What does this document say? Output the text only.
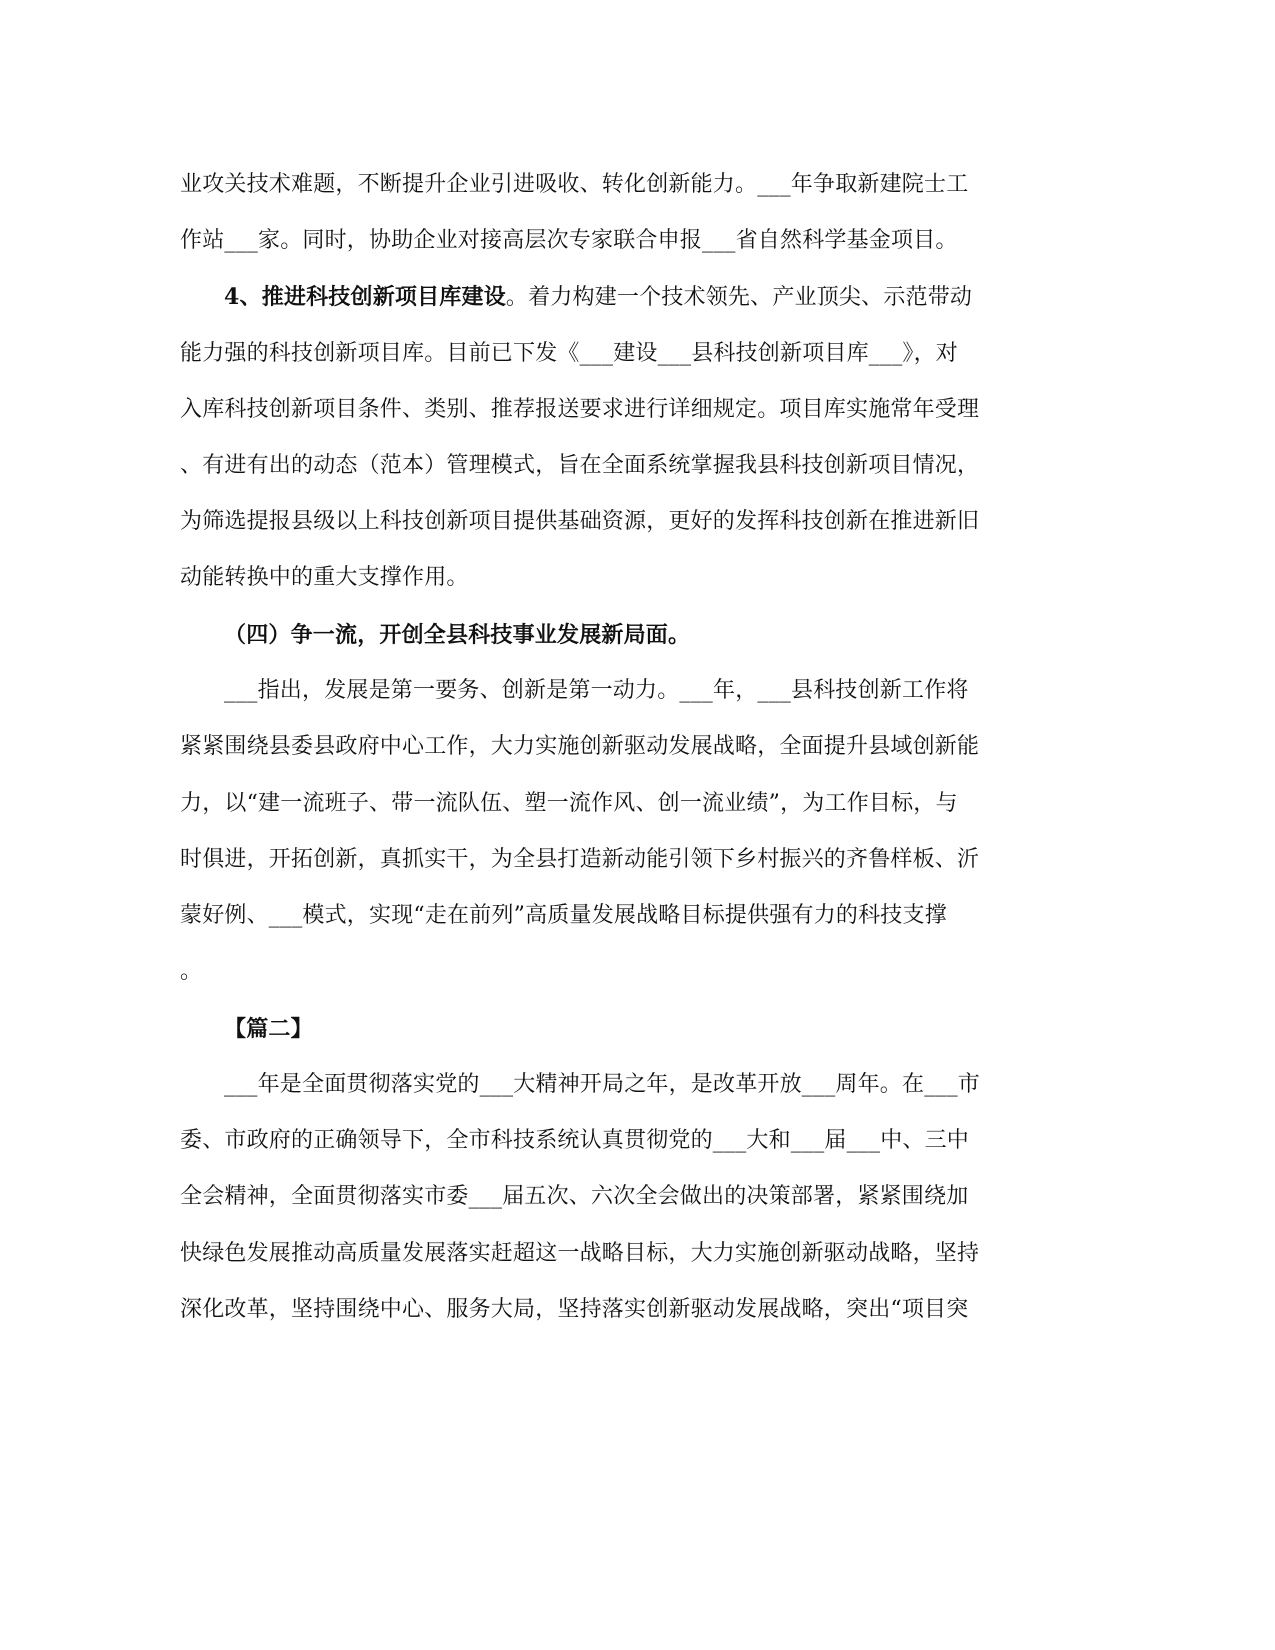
业攻关技术难题，不断提升企业引进吸收、转化创新能力。___年争取新建院士工
作站___家。同时，协助企业对接高层次专家联合申报___省自然科学基金项目。
4、推进科技创新项目库建设。着力构建一个技术领先、产业顶尖、示范带动
能力强的科技创新项目库。目前已下发《___建设___县科技创新项目库___》，对
入库科技创新项目条件、类别、推荐报送要求进行详细规定。项目库实施常年受理
、有进有出的动态（范本）管理模式，旨在全面系统掌握我县科技创新项目情况，
为筛选提报县级以上科技创新项目提供基础资源，更好的发挥科技创新在推进新旧
动能转换中的重大支撑作用。
（四）争一流，开创全县科技事业发展新局面。
___指出，发展是第一要务、创新是第一动力。___年，___县科技创新工作将
紧紧围绕县委县政府中心工作，大力实施创新驱动发展战略，全面提升县域创新能
力，以“建一流班子、带一流队伍、塑一流作风、创一流业绩”，为工作目标，与
时俱进，开拓创新，真抓实干，为全县打造新动能引领下乡村振兴的齐鲁样板、沂
蒙好例、___模式，实现“走在前列”高质量发展战略目标提供强有力的科技支撑
。
【篇二】
___年是全面贯彻落实党的___大精神开局之年，是改革开放___周年。在___市
委、市政府的正确领导下，全市科技系统认真贯彻党的___大和___届___中、三中
全会精神，全面贯彻落实市委___届五次、六次全会做出的决策部署，紧紧围绕加
快绿色发展推动高质量发展落实赶超这一战略目标，大力实施创新驱动战略，坚持
深化改革，坚持围绕中心、服务大局，坚持落实创新驱动发展战略，突出“项目突
